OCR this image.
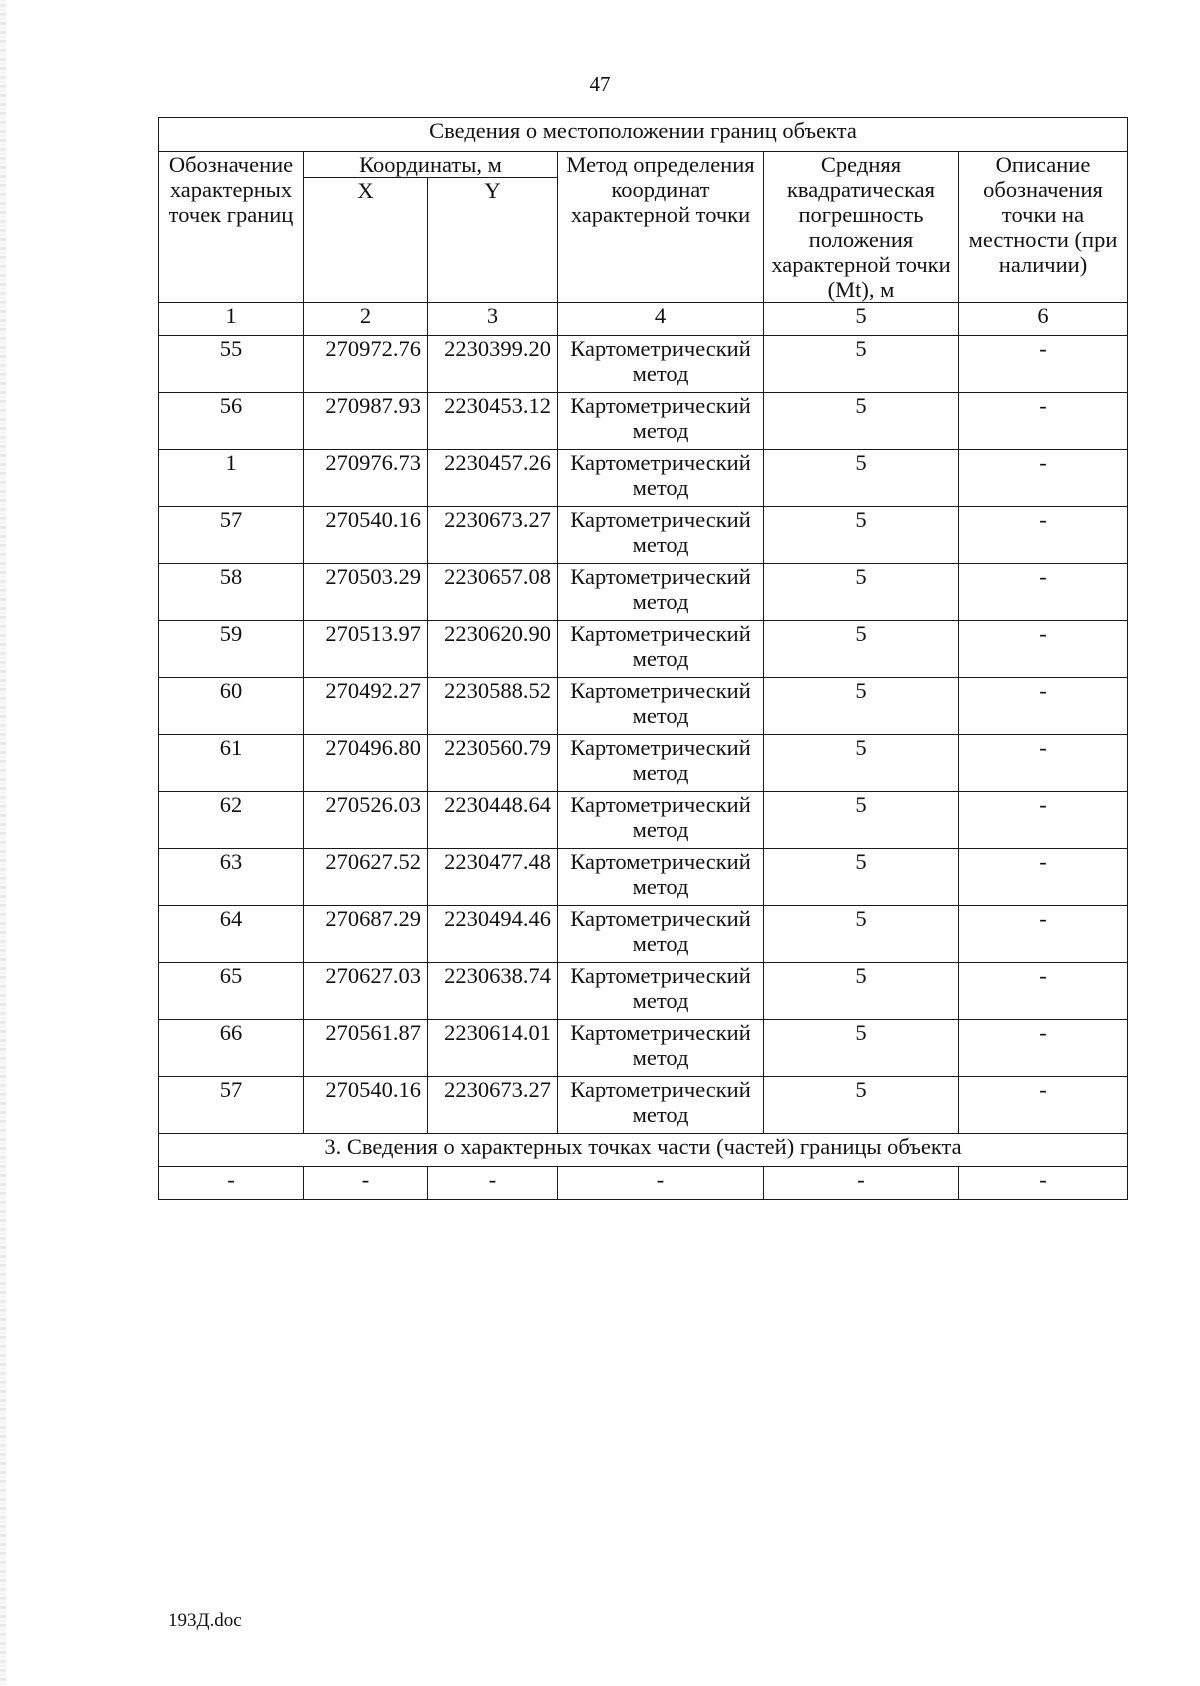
47
Сведения о местоположении границ объекта					
Обозначение характерных точек границ	Координаты, м		Метод определения координат характерной точки	Средняя квадратическая погрешность положения характерной точки (Mt), м	Описание обозначения точки на местности (при наличии)
	X	Y			
1	2	3	4	5	6
55	270972.76	2230399.20	Картометрический метод	5	-
56	270987.93	2230453.12	Картометрический метод	5	-
1	270976.73	2230457.26	Картометрический метод	5	-
57	270540.16	2230673.27	Картометрический метод	5	-
58	270503.29	2230657.08	Картометрический метод	5	-
59	270513.97	2230620.90	Картометрический метод	5	-
60	270492.27	2230588.52	Картометрический метод	5	-
61	270496.80	2230560.79	Картометрический метод	5	-
62	270526.03	2230448.64	Картометрический метод	5	-
63	270627.52	2230477.48	Картометрический метод	5	-
64	270687.29	2230494.46	Картометрический метод	5	-
65	270627.03	2230638.74	Картометрический метод	5	-
66	270561.87	2230614.01	Картометрический метод	5	-
57	270540.16	2230673.27	Картометрический метод	5	-
3. Сведения о характерных точках части (частей) границы объекта					
-	-	-	-	-	-
193Д.doc
